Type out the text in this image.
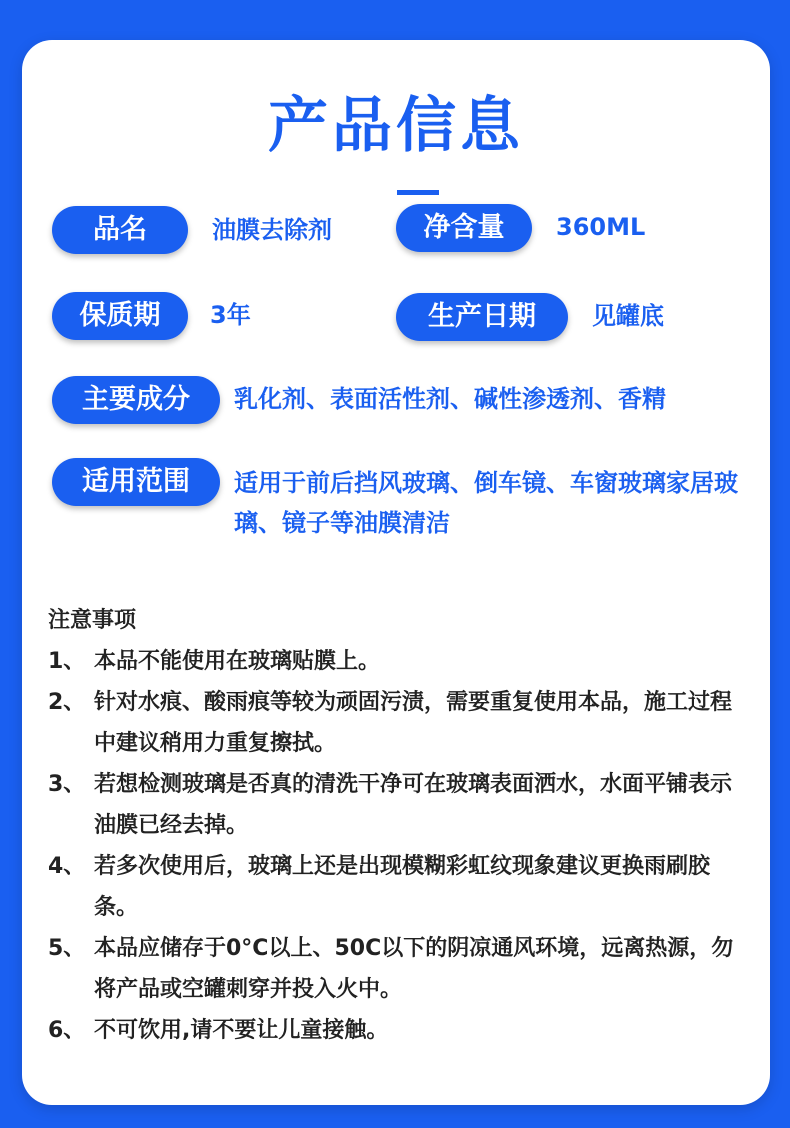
产品信息
品名	油膜去除剂	净含量	360ML
保质期	3年	生产日期	见罐底
主要成分	乳化剂、表面活性剂、碱性渗透剂、香精
适用范围	适用于前后挡风玻璃、倒车镜、车窗玻璃家居玻璃、镜子等油膜清洁
注意事项
1、 本品不能使用在玻璃贴膜上。
2、 针对水痕、酸雨痕等较为顽固污渍，需要重复使用本品，施工过程中建议稍用力重复擦拭。
3、 若想检测玻璃是否真的清洗干净可在玻璃表面洒水，水面平铺表示油膜已经去掉。
4、 若多次使用后，玻璃上还是出现模糊彩虹纹现象建议更换雨刷胶条。
5、 本品应储存于0°C以上、50C以下的阴凉通风环境，远离热源，勿将产品或空罐刺穿并投入火中。
6、 不可饮用,请不要让儿童接触。
